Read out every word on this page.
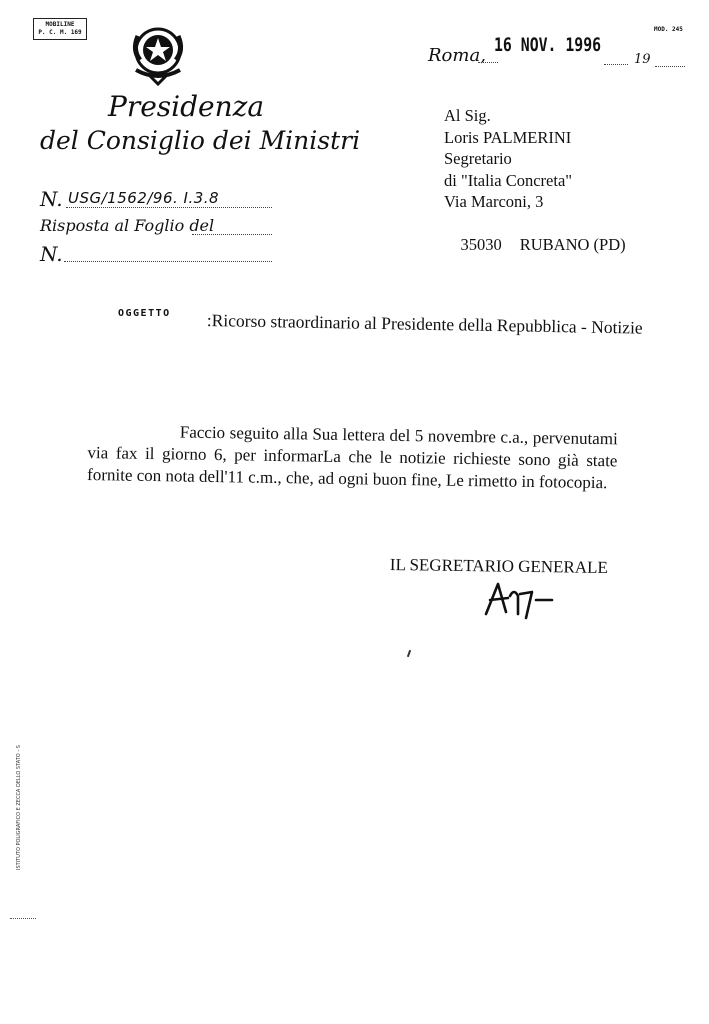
MOBILINE
P. C. M. 169	MOD. 245
Roma, 16 NOV. 1996
19
Presidenza
del Consiglio dei Ministri
N. USG/1562/96. I.3.8
Risposta al Foglio del
N.
Al Sig.
Loris PALMERINI
Segretario
di "Italia Concreta"
Via Marconi, 3

35030 RUBANO (PD)

OGGETTO :Ricorso straordinario al Presidente della Repubblica - Notizie
Faccio seguito alla Sua lettera del 5 novembre c.a., pervenutami
via fax il giorno 6, per informarLa che le notizie richieste sono già state
fornite con nota dell'11 c.m., che, ad ogni buon fine, Le rimetto in fotocopia.
IL SEGRETARIO GENERALE
ISTITUTO POLIGRAFICO E ZECCA DELLO STATO - S
